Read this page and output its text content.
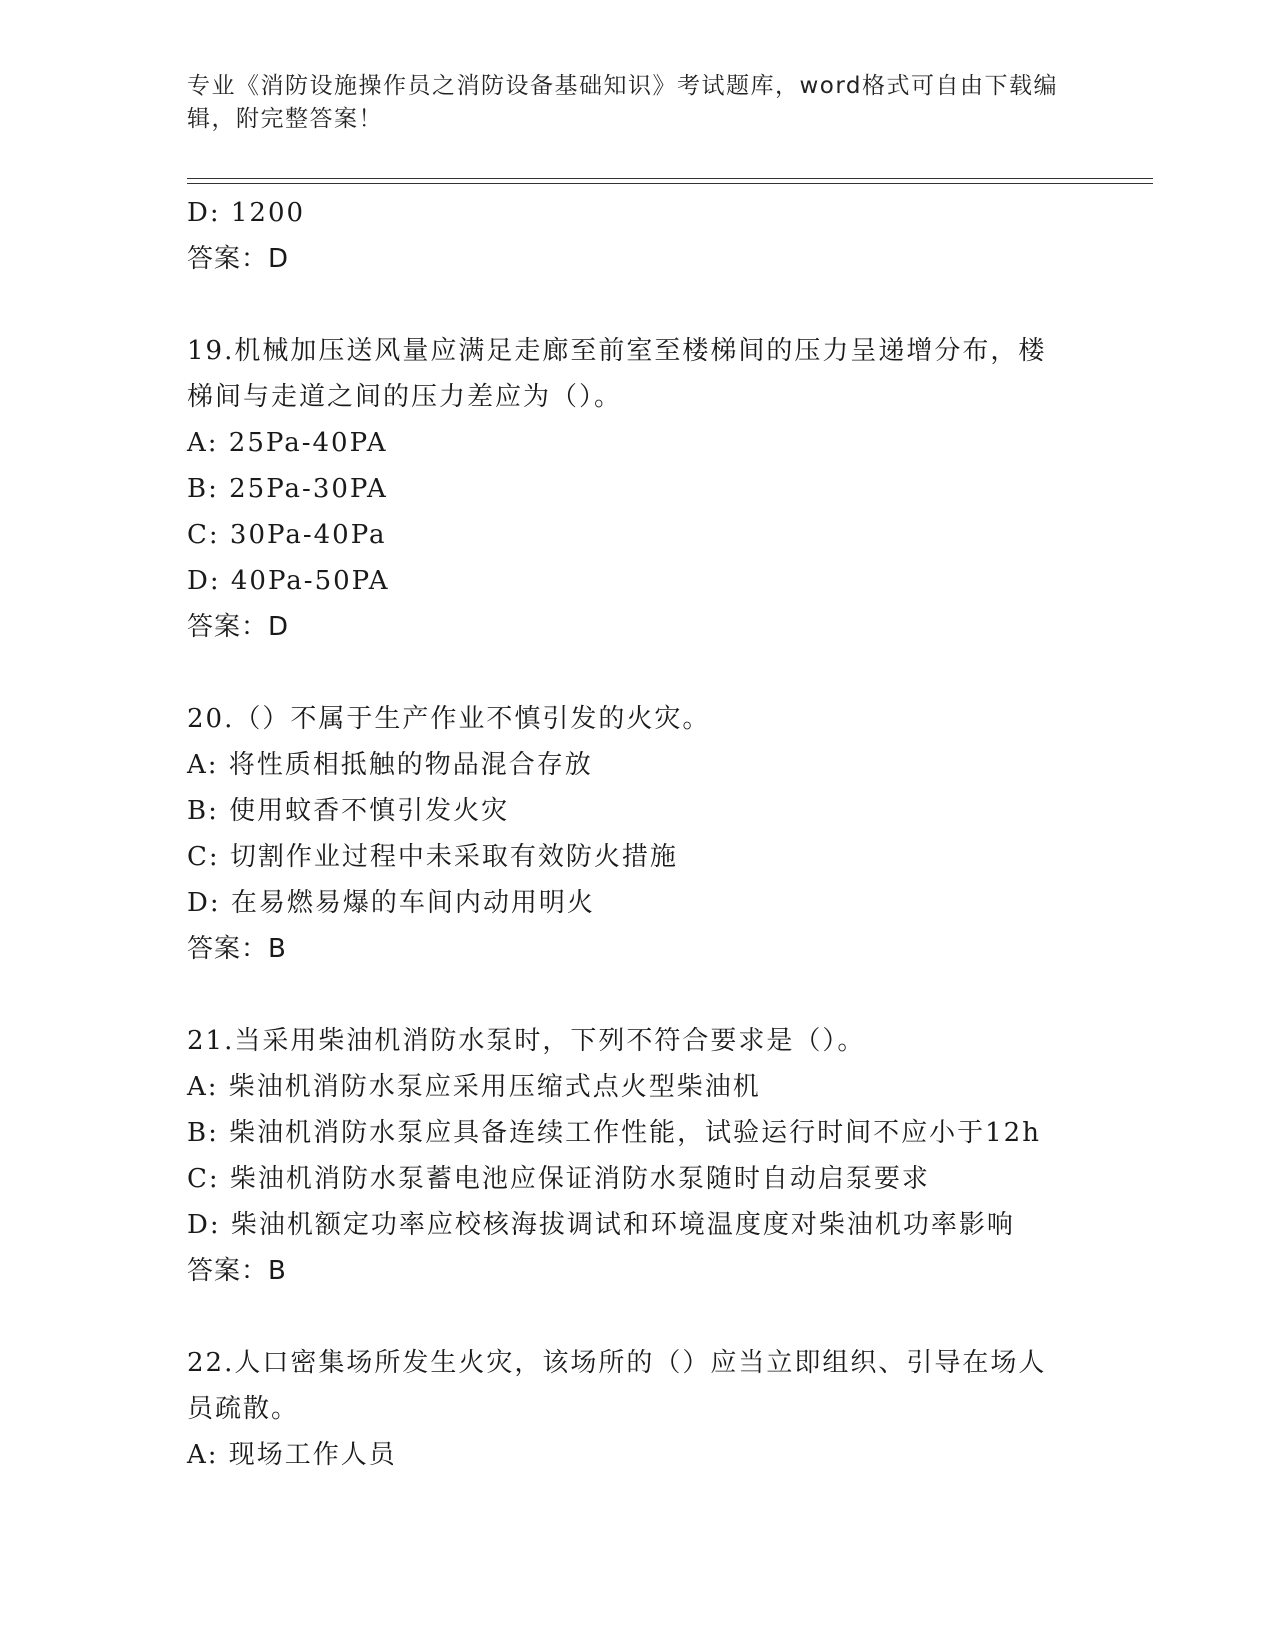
专业《消防设施操作员之消防设备基础知识》考试题库，word格式可自由下载编
辑，附完整答案！
D: 1200
答案：D
19.机械加压送风量应满足走廊至前室至楼梯间的压力呈递增分布，楼
梯间与走道之间的压力差应为（）。
A: 25Pa-40PA
B: 25Pa-30PA
C: 30Pa-40Pa
D: 40Pa-50PA
答案：D
20.（）不属于生产作业不慎引发的火灾。
A: 将性质相抵触的物品混合存放
B: 使用蚊香不慎引发火灾
C: 切割作业过程中未采取有效防火措施
D: 在易燃易爆的车间内动用明火
答案：B
21.当采用柴油机消防水泵时，下列不符合要求是（）。
A: 柴油机消防水泵应采用压缩式点火型柴油机
B: 柴油机消防水泵应具备连续工作性能，试验运行时间不应小于12h
C: 柴油机消防水泵蓄电池应保证消防水泵随时自动启泵要求
D: 柴油机额定功率应校核海拔调试和环境温度度对柴油机功率影响
答案：B
22.人口密集场所发生火灾，该场所的（）应当立即组织、引导在场人
员疏散。
A: 现场工作人员
